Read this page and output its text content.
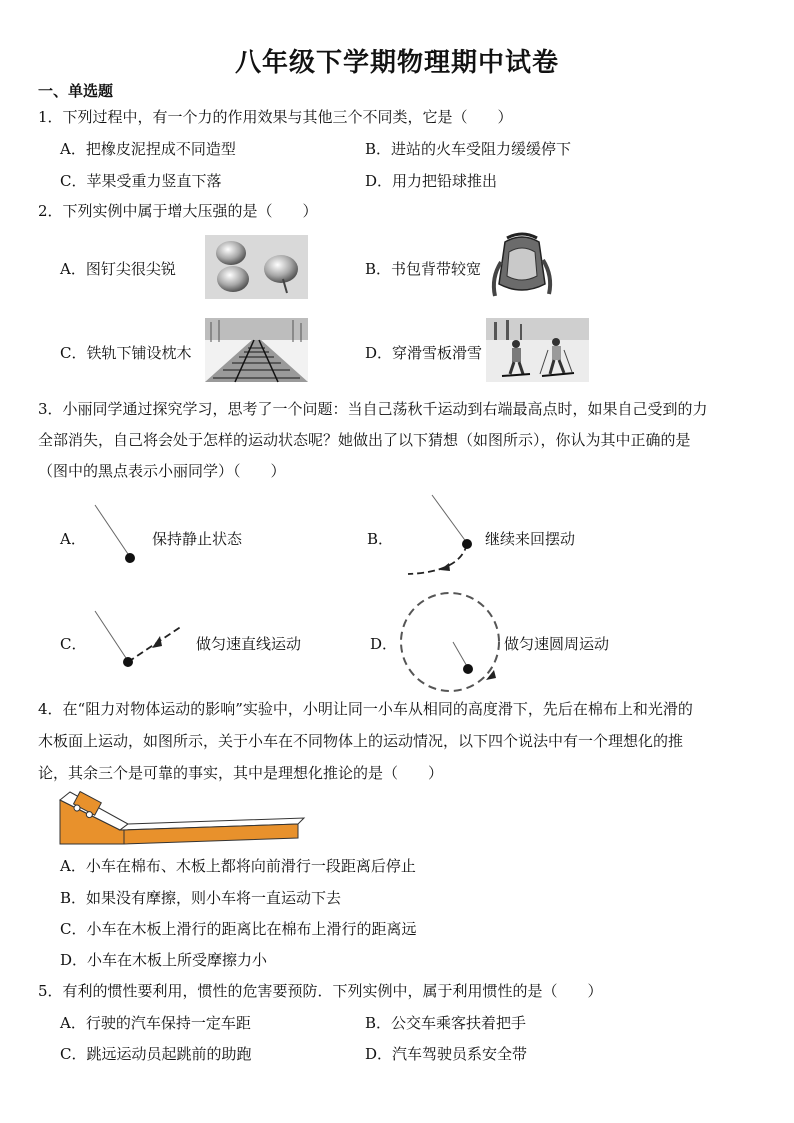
八年级下学期物理期中试卷
一、单选题
1．下列过程中，有一个力的作用效果与其他三个不同类，它是（　　）
A．把橡皮泥捏成不同造型	B．进站的火车受阻力缓缓停下
C．苹果受重力竖直下落	D．用力把铅球推出
2．下列实例中属于增大压强的是（　　）
A．图钉尖很尖锐	B．书包背带较宽
C．铁轨下铺设枕木	D．穿滑雪板滑雪
3．小丽同学通过探究学习，思考了一个问题：当自己荡秋千运动到右端最高点时，如果自己受到的力
全部消失，自己将会处于怎样的运动状态呢？她做出了以下猜想（如图所示），你认为其中正确的是
（图中的黑点表示小丽同学）（　　）
A．	保持静止状态	B．	继续来回摆动
C．	做匀速直线运动	D．	做匀速圆周运动
4．在“阻力对物体运动的影响”实验中，小明让同一小车从相同的高度滑下，先后在棉布上和光滑的
木板面上运动，如图所示，关于小车在不同物体上的运动情况，以下四个说法中有一个理想化的推
论，其余三个是可靠的事实，其中是理想化推论的是（　　）
A．小车在棉布、木板上都将向前滑行一段距离后停止
B．如果没有摩擦，则小车将一直运动下去
C．小车在木板上滑行的距离比在棉布上滑行的距离远
D．小车在木板上所受摩擦力小
5．有利的惯性要利用，惯性的危害要预防．下列实例中，属于利用惯性的是（　　）
A．行驶的汽车保持一定车距	B．公交车乘客扶着把手
C．跳远运动员起跳前的助跑	D．汽车驾驶员系安全带
